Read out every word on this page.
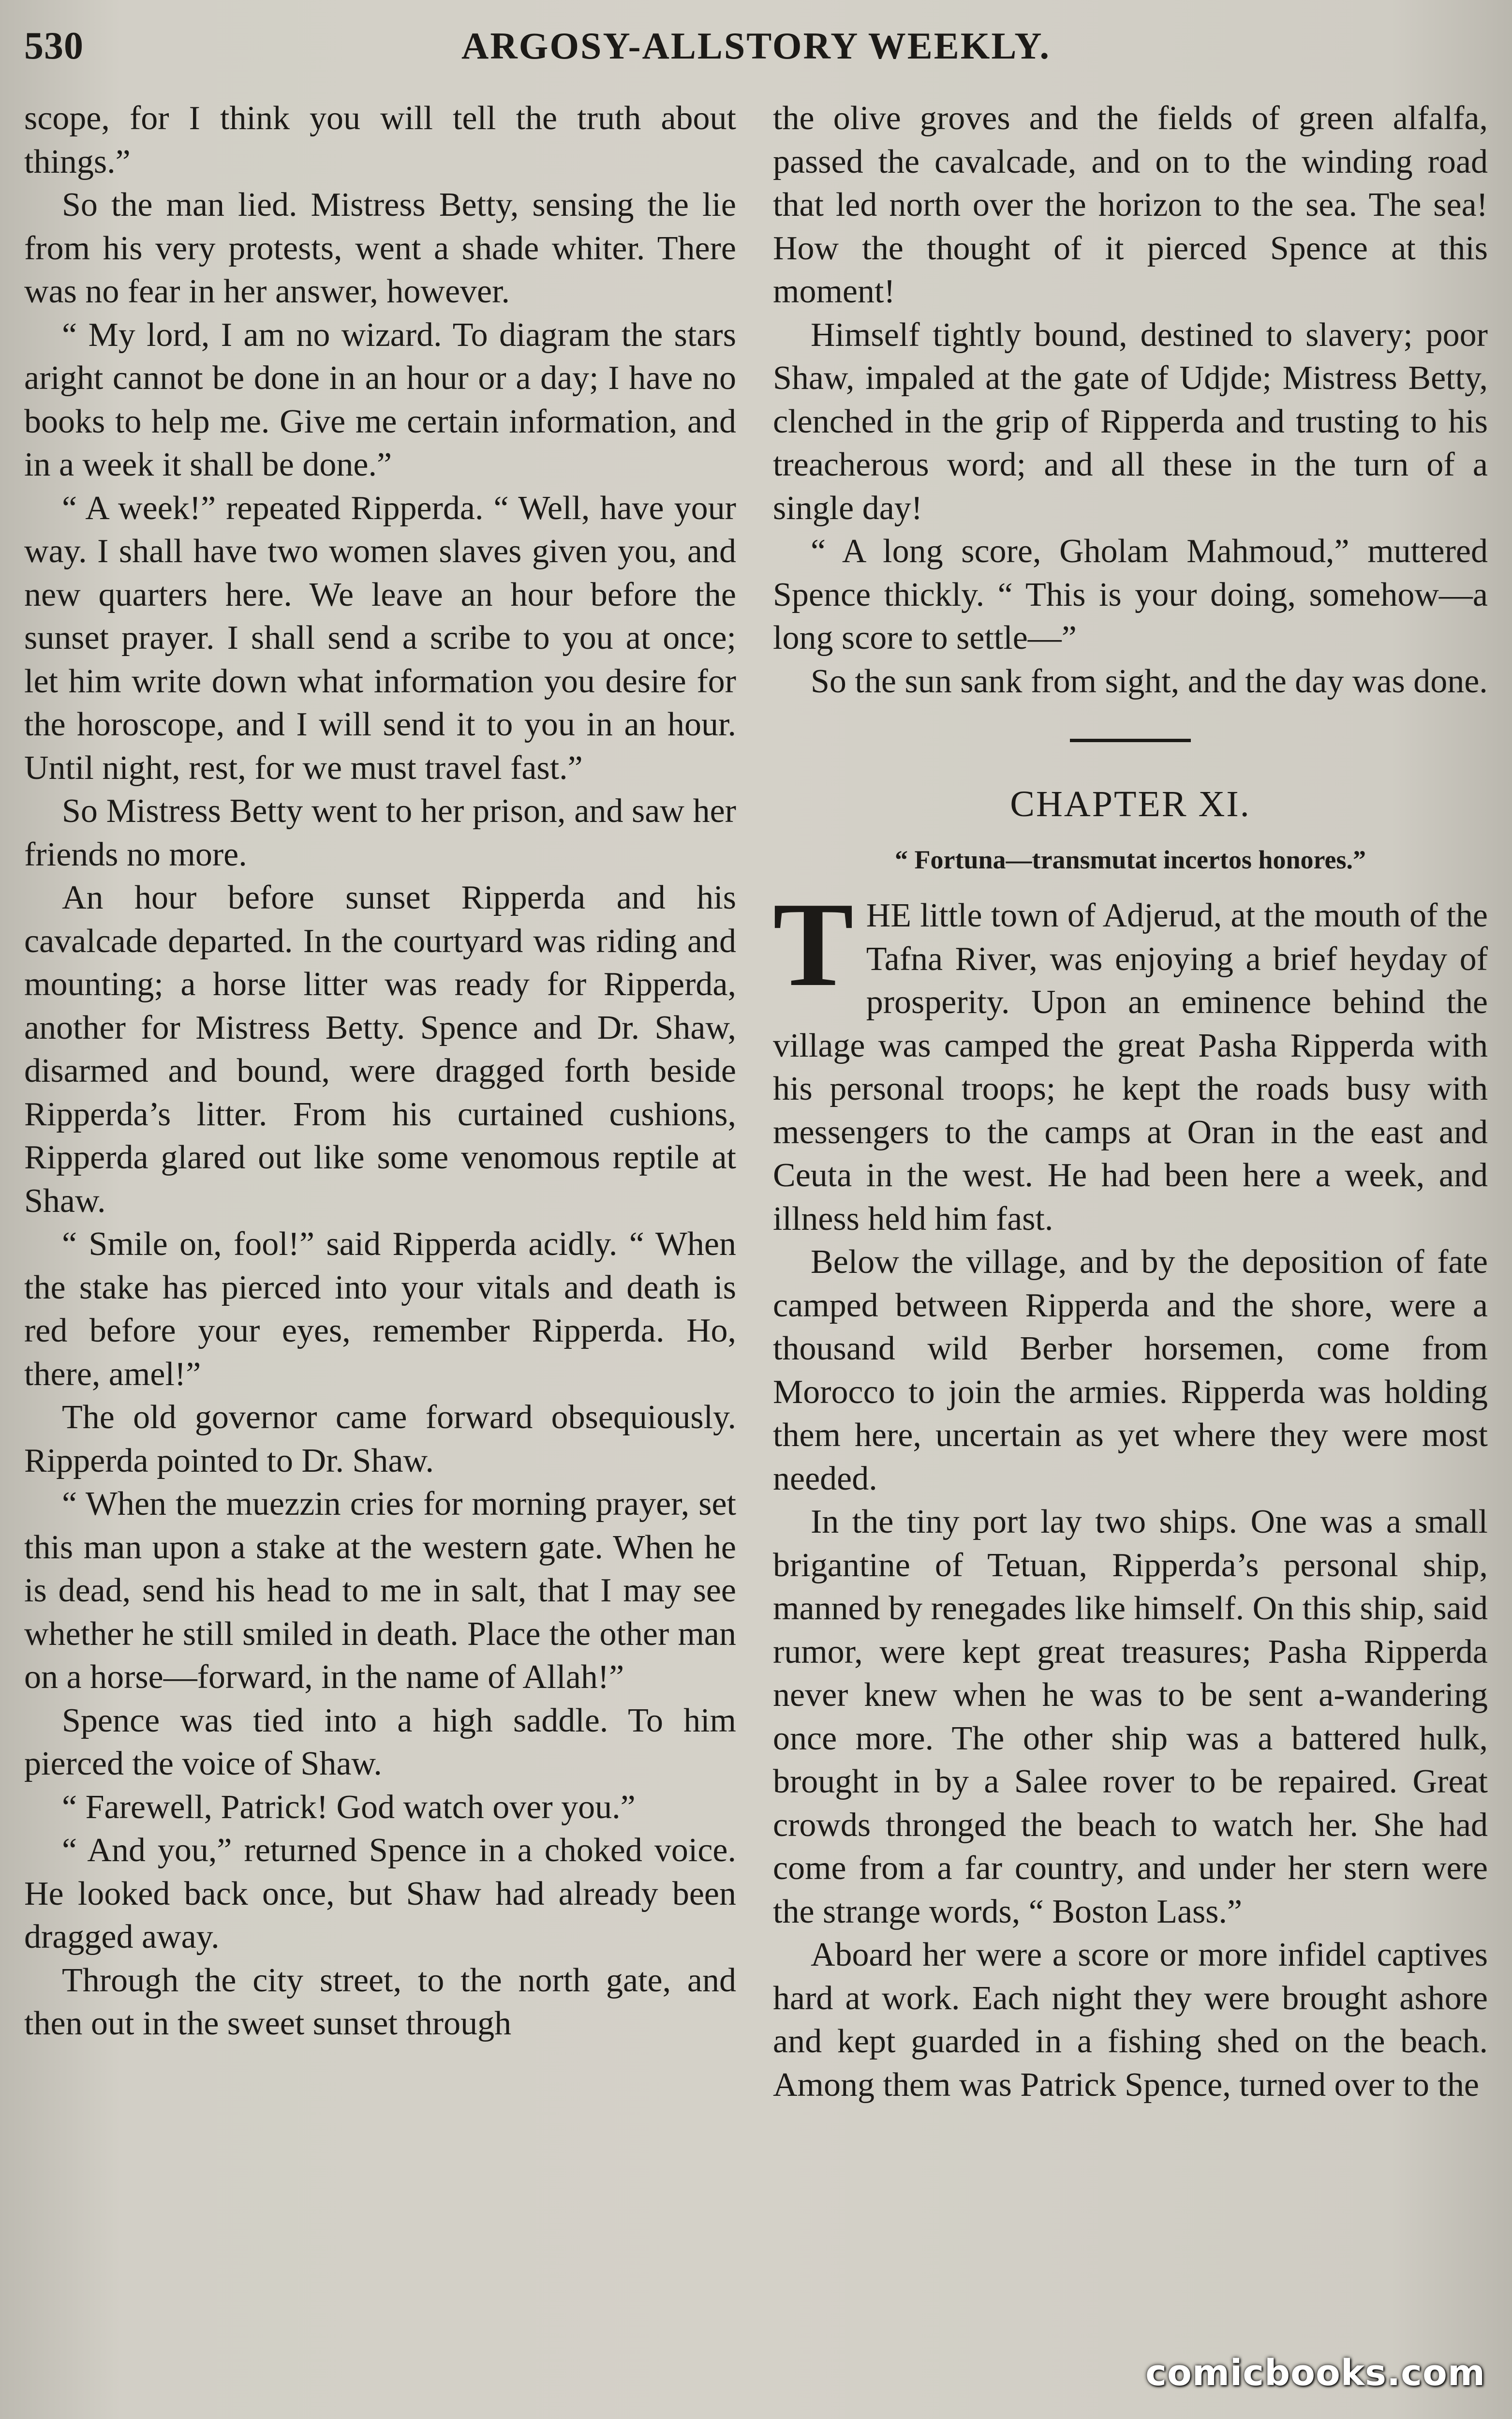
530	ARGOSY-ALLSTORY WEEKLY.

scope, for I think you will tell the truth about things.”

So the man lied. Mistress Betty, sensing the lie from his very protests, went a shade whiter. There was no fear in her answer, however.

“ My lord, I am no wizard. To diagram the stars aright cannot be done in an hour or a day; I have no books to help me. Give me certain information, and in a week it shall be done.”

“ A week!” repeated Ripperda. “ Well, have your way. I shall have two women slaves given you, and new quarters here. We leave an hour before the sunset prayer. I shall send a scribe to you at once; let him write down what information you desire for the horoscope, and I will send it to you in an hour. Until night, rest, for we must travel fast.”

So Mistress Betty went to her prison, and saw her friends no more.

An hour before sunset Ripperda and his cavalcade departed. In the courtyard was riding and mounting; a horse litter was ready for Ripperda, another for Mistress Betty. Spence and Dr. Shaw, disarmed and bound, were dragged forth beside Ripperda’s litter. From his curtained cushions, Ripperda glared out like some venomous reptile at Shaw.

“ Smile on, fool!” said Ripperda acidly. “ When the stake has pierced into your vitals and death is red before your eyes, remember Ripperda. Ho, there, amel!”

The old governor came forward obsequiously. Ripperda pointed to Dr. Shaw.

“ When the muezzin cries for morning prayer, set this man upon a stake at the western gate. When he is dead, send his head to me in salt, that I may see whether he still smiled in death. Place the other man on a horse—forward, in the name of Allah!”

Spence was tied into a high saddle. To him pierced the voice of Shaw.

“ Farewell, Patrick! God watch over you.”

“ And you,” returned Spence in a choked voice. He looked back once, but Shaw had already been dragged away.

Through the city street, to the north gate, and then out in the sweet sunset through

the olive groves and the fields of green alfalfa, passed the cavalcade, and on to the winding road that led north over the horizon to the sea. The sea! How the thought of it pierced Spence at this moment!

Himself tightly bound, destined to slavery; poor Shaw, impaled at the gate of Udjde; Mistress Betty, clenched in the grip of Ripperda and trusting to his treacherous word; and all these in the turn of a single day!

“ A long score, Gholam Mahmoud,” muttered Spence thickly. “ This is your doing, somehow—a long score to settle—”

So the sun sank from sight, and the day was done.

CHAPTER XI.
“ Fortuna—transmutat incertos honores.”

THE little town of Adjerud, at the mouth of the Tafna River, was enjoying a brief heyday of prosperity. Upon an eminence behind the village was camped the great Pasha Ripperda with his personal troops; he kept the roads busy with messengers to the camps at Oran in the east and Ceuta in the west. He had been here a week, and illness held him fast.

Below the village, and by the deposition of fate camped between Ripperda and the shore, were a thousand wild Berber horsemen, come from Morocco to join the armies. Ripperda was holding them here, uncertain as yet where they were most needed.

In the tiny port lay two ships. One was a small brigantine of Tetuan, Ripperda’s personal ship, manned by renegades like himself. On this ship, said rumor, were kept great treasures; Pasha Ripperda never knew when he was to be sent a-wandering once more. The other ship was a battered hulk, brought in by a Salee rover to be repaired. Great crowds thronged the beach to watch her. She had come from a far country, and under her stern were the strange words, “ Boston Lass.”

Aboard her were a score or more infidel captives hard at work. Each night they were brought ashore and kept guarded in a fishing shed on the beach. Among them was Patrick Spence, turned over to the

comicbooks.com
